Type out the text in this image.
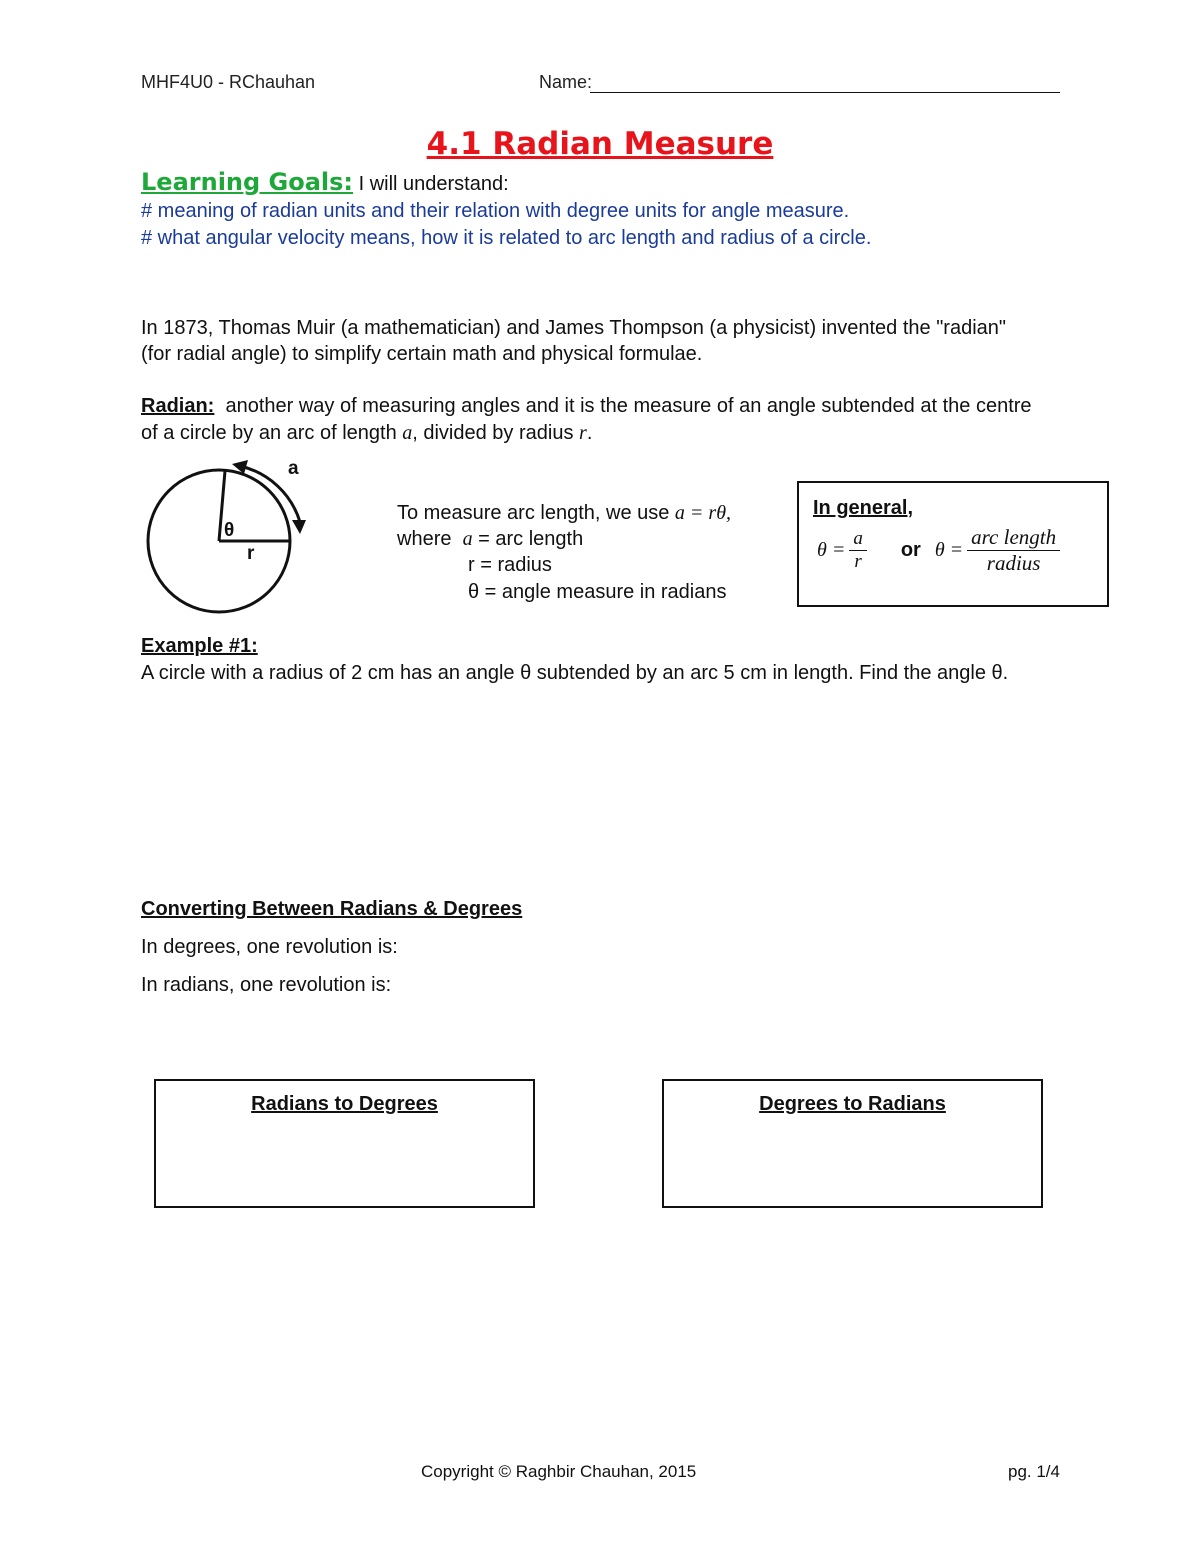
MHF4U0 - RChauhan	Name:
4.1 Radian Measure
Learning Goals: I will understand:
# meaning of radian units and their relation with degree units for angle measure.
# what angular velocity means, how it is related to arc length and radius of a circle.
In 1873, Thomas Muir (a mathematician) and James Thompson (a physicist) invented the "radian"
(for radial angle) to simplify certain math and physical formulae.
Radian:  another way of measuring angles and it is the measure of an angle subtended at the centre
of a circle by an arc of length a, divided by radius r.
a
θ
r
To measure arc length, we use a = rθ,
where  a = arc length
r = radius
θ = angle measure in radians
In general,
$\theta = \frac{a}{r}$ or $\theta = \frac{\text{arc length}}{\text{radius}}$
Example #1:
A circle with a radius of 2 cm has an angle θ subtended by an arc 5 cm in length. Find the angle θ.
Converting Between Radians & Degrees
In degrees, one revolution is:
In radians, one revolution is:
Radians to Degrees	Degrees to Radians
Copyright © Raghbir Chauhan, 2015	pg. 1/4
